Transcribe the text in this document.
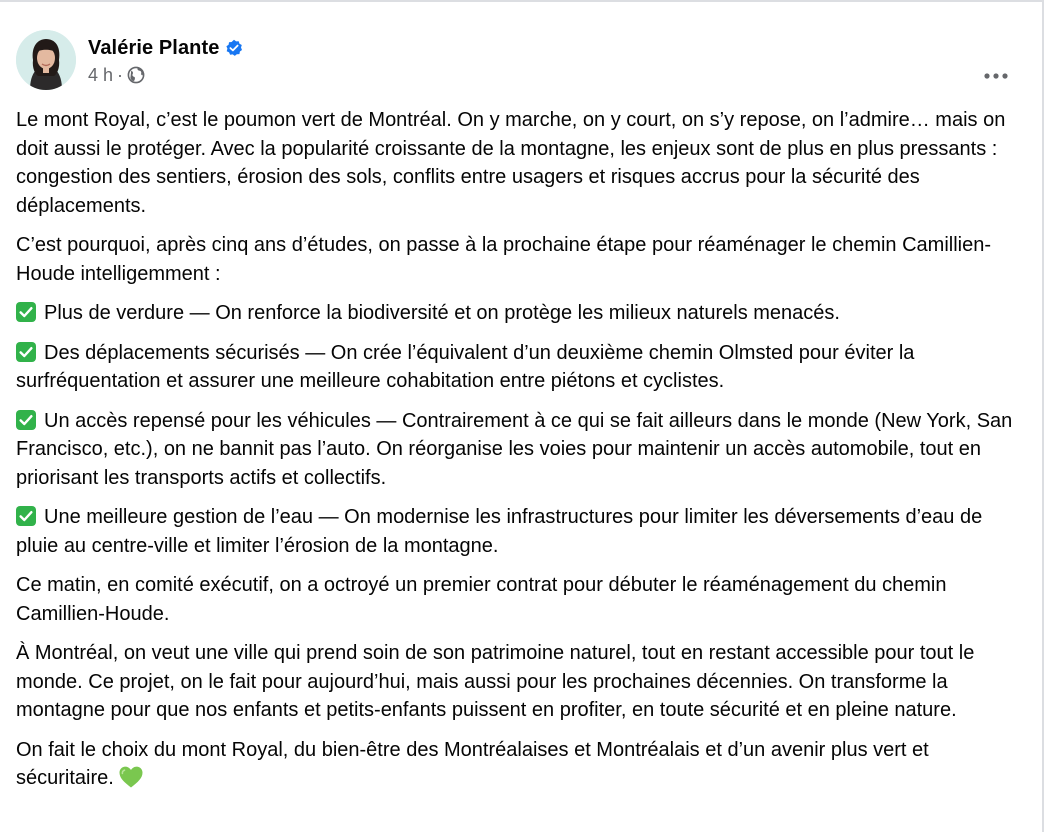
Valérie Plante
4 h ·

Le mont Royal, c’est le poumon vert de Montréal. On y marche, on y court, on s’y repose, on l’admire… mais on doit aussi le protéger. Avec la popularité croissante de la montagne, les enjeux sont de plus en plus pressants : congestion des sentiers, érosion des sols, conflits entre usagers et risques accrus pour la sécurité des déplacements.

C’est pourquoi, après cinq ans d’études, on passe à la prochaine étape pour réaménager le chemin Camillien-Houde intelligemment :

Plus de verdure — On renforce la biodiversité et on protège les milieux naturels menacés.

Des déplacements sécurisés — On crée l’équivalent d’un deuxième chemin Olmsted pour éviter la surfréquentation et assurer une meilleure cohabitation entre piétons et cyclistes.

Un accès repensé pour les véhicules — Contrairement à ce qui se fait ailleurs dans le monde (New York, San Francisco, etc.), on ne bannit pas l’auto. On réorganise les voies pour maintenir un accès automobile, tout en priorisant les transports actifs et collectifs.

Une meilleure gestion de l’eau — On modernise les infrastructures pour limiter les déversements d’eau de pluie au centre-ville et limiter l’érosion de la montagne.

Ce matin, en comité exécutif, on a octroyé un premier contrat pour débuter le réaménagement du chemin Camillien-Houde.

À Montréal, on veut une ville qui prend soin de son patrimoine naturel, tout en restant accessible pour tout le monde. Ce projet, on le fait pour aujourd’hui, mais aussi pour les prochaines décennies. On transforme la montagne pour que nos enfants et petits-enfants puissent en profiter, en toute sécurité et en pleine nature.

On fait le choix du mont Royal, du bien-être des Montréalaises et Montréalais et d’un avenir plus vert et sécuritaire.
